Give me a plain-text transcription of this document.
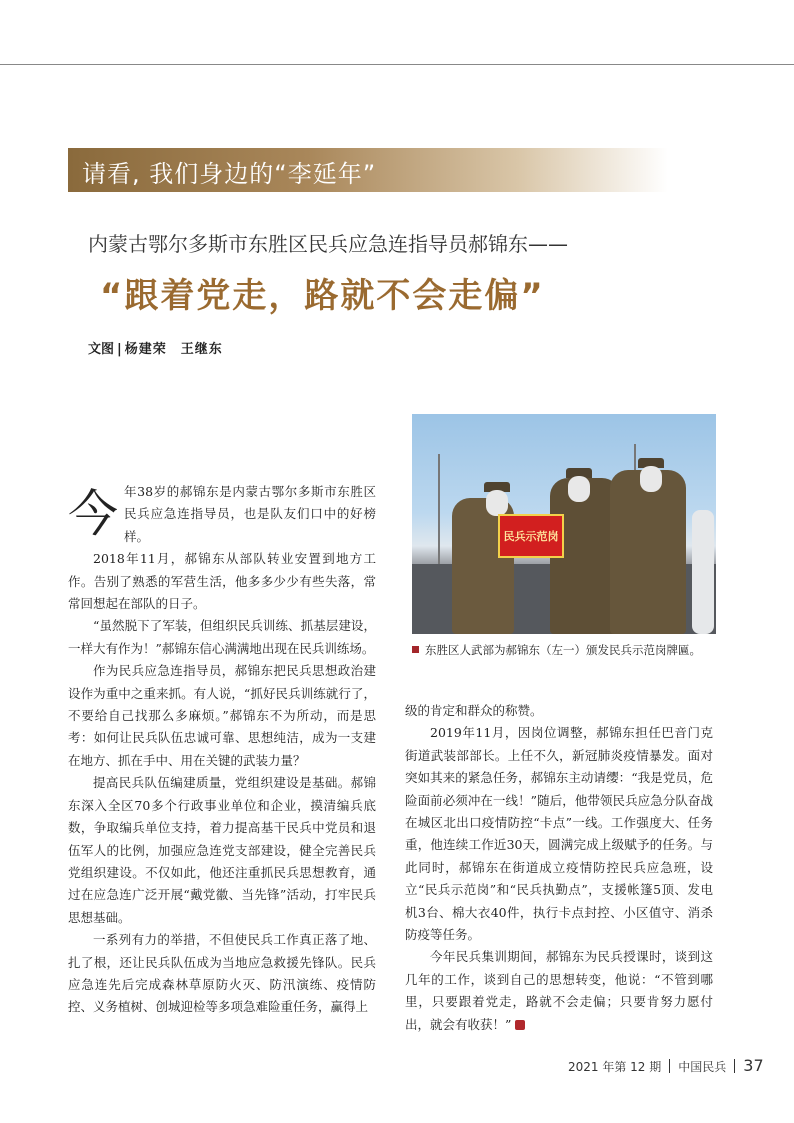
请看, 我们身边的“李延年”
内蒙古鄂尔多斯市东胜区民兵应急连指导员郝锦东——
“跟着党走，路就不会走偏”
文图 | 杨建荣　王继东
民兵示范岗
东胜区人武部为郝锦东（左一）颁发民兵示范岗牌匾。

今年38岁的郝锦东是内蒙古鄂尔多斯市东胜区民兵应急连指导员，也是队友们口中的好榜样。

2018年11月，郝锦东从部队转业安置到地方工作。告别了熟悉的军营生活，他多多少少有些失落，常常回想起在部队的日子。

“虽然脱下了军装，但组织民兵训练、抓基层建设，一样大有作为！”郝锦东信心满满地出现在民兵训练场。

作为民兵应急连指导员，郝锦东把民兵思想政治建设作为重中之重来抓。有人说，“抓好民兵训练就行了，不要给自己找那么多麻烦。”郝锦东不为所动，而是思考：如何让民兵队伍忠诚可靠、思想纯洁，成为一支建在地方、抓在手中、用在关键的武装力量？

提高民兵队伍编建质量，党组织建设是基础。郝锦东深入全区70多个行政事业单位和企业，摸清编兵底数，争取编兵单位支持，着力提高基干民兵中党员和退伍军人的比例，加强应急连党支部建设，健全完善民兵党组织建设。不仅如此，他还注重抓民兵思想教育，通过在应急连广泛开展“戴党徽、当先锋”活动，打牢民兵思想基础。

一系列有力的举措，不但使民兵工作真正落了地、扎了根，还让民兵队伍成为当地应急救援先锋队。民兵应急连先后完成森林草原防火灭、防汛演练、疫情防控、义务植树、创城迎检等多项急难险重任务，赢得上

级的肯定和群众的称赞。

2019年11月，因岗位调整，郝锦东担任巴音门克街道武装部部长。上任不久，新冠肺炎疫情暴发。面对突如其来的紧急任务，郝锦东主动请缨：“我是党员，危险面前必须冲在一线！”随后，他带领民兵应急分队奋战在城区北出口疫情防控“卡点”一线。工作强度大、任务重，他连续工作近30天，圆满完成上级赋予的任务。与此同时，郝锦东在街道成立疫情防控民兵应急班，设立“民兵示范岗”和“民兵执勤点”，支援帐篷5顶、发电机3台、棉大衣40件，执行卡点封控、小区值守、消杀防疫等任务。

今年民兵集训期间，郝锦东为民兵授课时，谈到这几年的工作，谈到自己的思想转变，他说：“不管到哪里，只要跟着党走，路就不会走偏；只要肯努力愿付出，就会有收获！”

2021 年第 12 期 中国民兵 37
